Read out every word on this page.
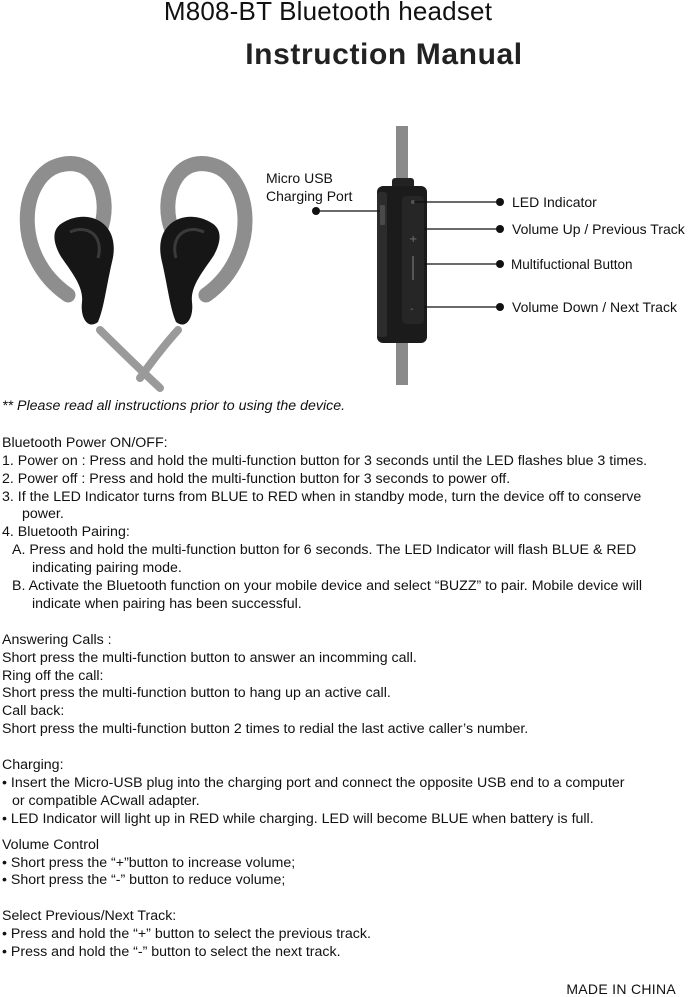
M808-BT Bluetooth headset
Instruction Manual
+
-
Micro USB
Charging Port	LED Indicator
Volume Up / Previous Track
Multifuctional Button
Volume Down / Next Track
** Please read all instructions prior to using the device.
Bluetooth Power ON/OFF:
1. Power on : Press and hold the multi-function button for 3 seconds until the LED flashes blue 3 times.
2. Power off : Press and hold the multi-function button for 3 seconds to power off.
3. If the LED Indicator turns from BLUE to RED when in standby mode, turn the device off to conserve
power.
4. Bluetooth Pairing:
A. Press and hold the multi-function button for 6 seconds. The LED Indicator will flash BLUE & RED
indicating pairing mode.
B. Activate the Bluetooth function on your mobile device and select “BUZZ” to pair. Mobile device will
indicate when pairing has been successful.
Answering Calls :
Short press the multi-function button to answer an incomming call.
Ring off the call:
Short press the multi-function button to hang up an active call.
Call back:
Short press the multi-function button 2 times to redial the last active caller’s number.
Charging:
• Insert the Micro-USB plug into the charging port and connect the opposite USB end to a computer
or compatible ACwall adapter.
• LED Indicator will light up in RED while charging. LED will become BLUE when battery is full.
Volume Control
• Short press the “+”button to increase volume;
• Short press the “-” button to reduce volume;
Select Previous/Next Track:
• Press and hold the “+” button to select the previous track.
• Press and hold the “-” button to select the next track.
MADE IN CHINA
